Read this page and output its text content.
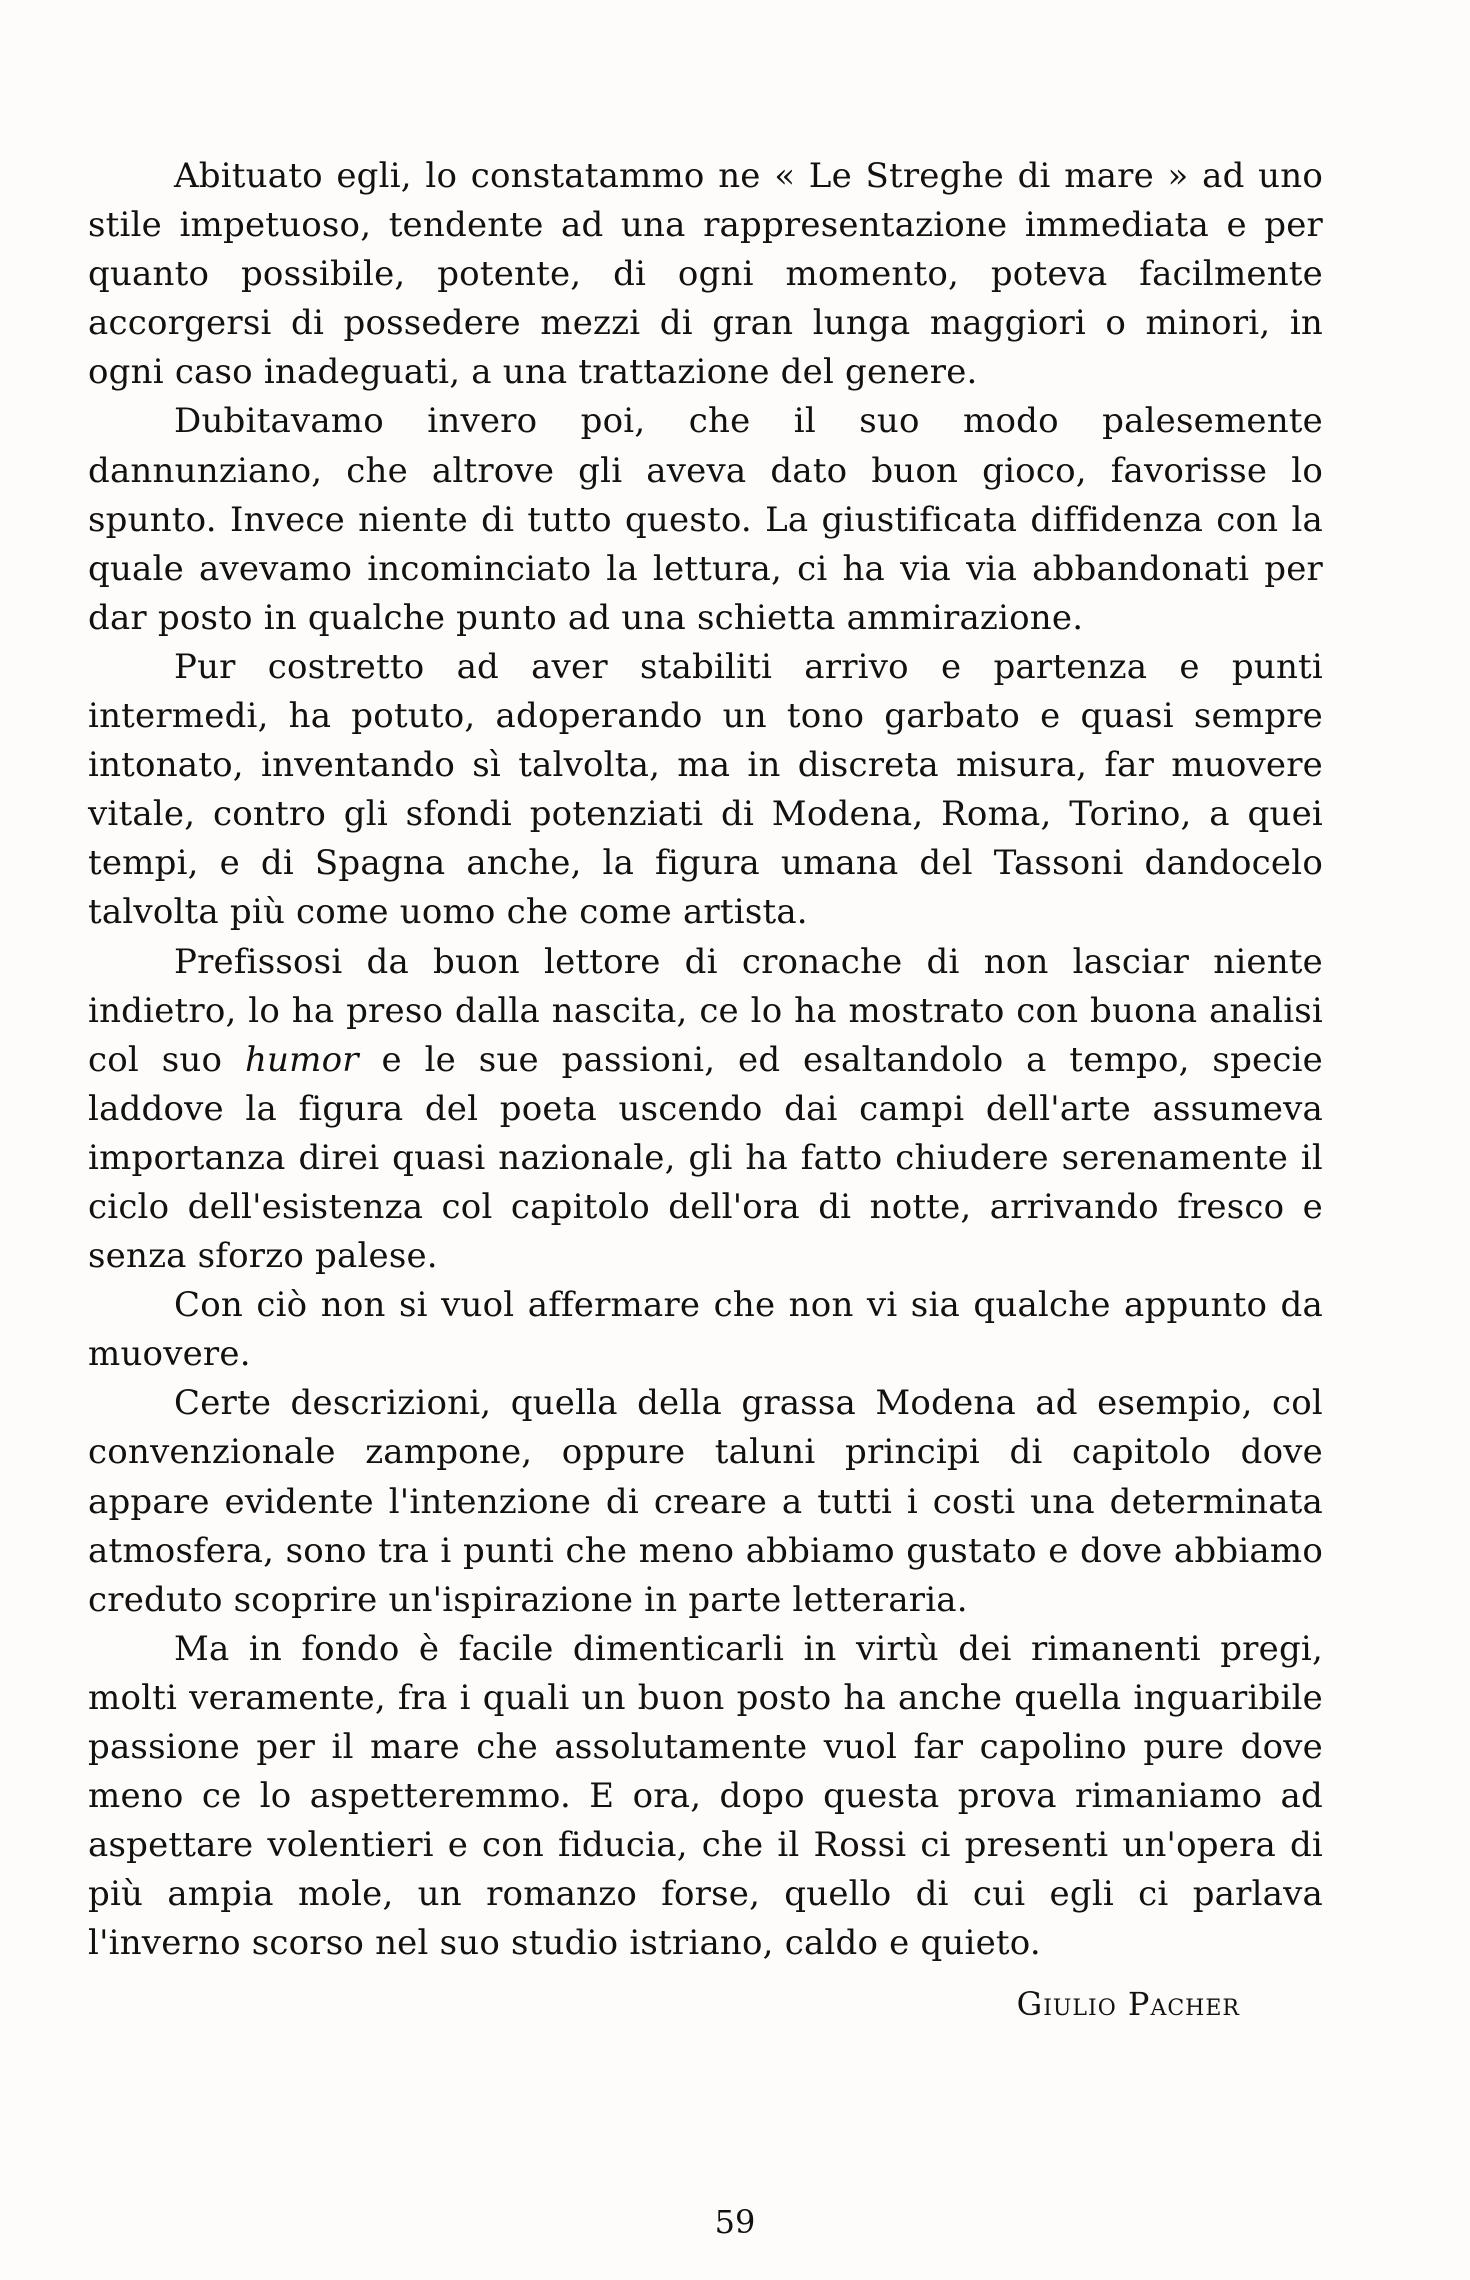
Abituato egli, lo constatammo ne « Le Streghe di mare » ad uno stile impetuoso, tendente ad una rappresentazione immediata e per quanto possibile, potente, di ogni momento, poteva facilmente accorgersi di possedere mezzi di gran lunga maggiori o minori, in ogni caso inadeguati, a una trattazione del genere.

Dubitavamo invero poi, che il suo modo palesemente dannunziano, che altrove gli aveva dato buon gioco, favorisse lo spunto. Invece niente di tutto questo. La giustificata diffidenza con la quale avevamo incominciato la lettura, ci ha via via abbandonati per dar posto in qualche punto ad una schietta ammirazione.

Pur costretto ad aver stabiliti arrivo e partenza e punti intermedi, ha potuto, adoperando un tono garbato e quasi sempre intonato, inventando sì talvolta, ma in discreta misura, far muovere vitale, contro gli sfondi potenziati di Modena, Roma, Torino, a quei tempi, e di Spagna anche, la figura umana del Tassoni dandocelo talvolta più come uomo che come artista.

Prefissosi da buon lettore di cronache di non lasciar niente indietro, lo ha preso dalla nascita, ce lo ha mostrato con buona analisi col suo humor e le sue passioni, ed esaltandolo a tempo, specie laddove la figura del poeta uscendo dai campi dell'arte assumeva importanza direi quasi nazionale, gli ha fatto chiudere serenamente il ciclo dell'esistenza col capitolo dell'ora di notte, arrivando fresco e senza sforzo palese.

Con ciò non si vuol affermare che non vi sia qualche appunto da muovere.

Certe descrizioni, quella della grassa Modena ad esempio, col convenzionale zampone, oppure taluni principi di capitolo dove appare evidente l'intenzione di creare a tutti i costi una determinata atmosfera, sono tra i punti che meno abbiamo gustato e dove abbiamo creduto scoprire un'ispirazione in parte letteraria.

Ma in fondo è facile dimenticarli in virtù dei rimanenti pregi, molti veramente, fra i quali un buon posto ha anche quella inguaribile passione per il mare che assolutamente vuol far capolino pure dove meno ce lo aspetteremmo. E ora, dopo questa prova rimaniamo ad aspettare volentieri e con fiducia, che il Rossi ci presenti un'opera di più ampia mole, un romanzo forse, quello di cui egli ci parlava l'inverno scorso nel suo studio istriano, caldo e quieto.

Giulio Pacher
59
